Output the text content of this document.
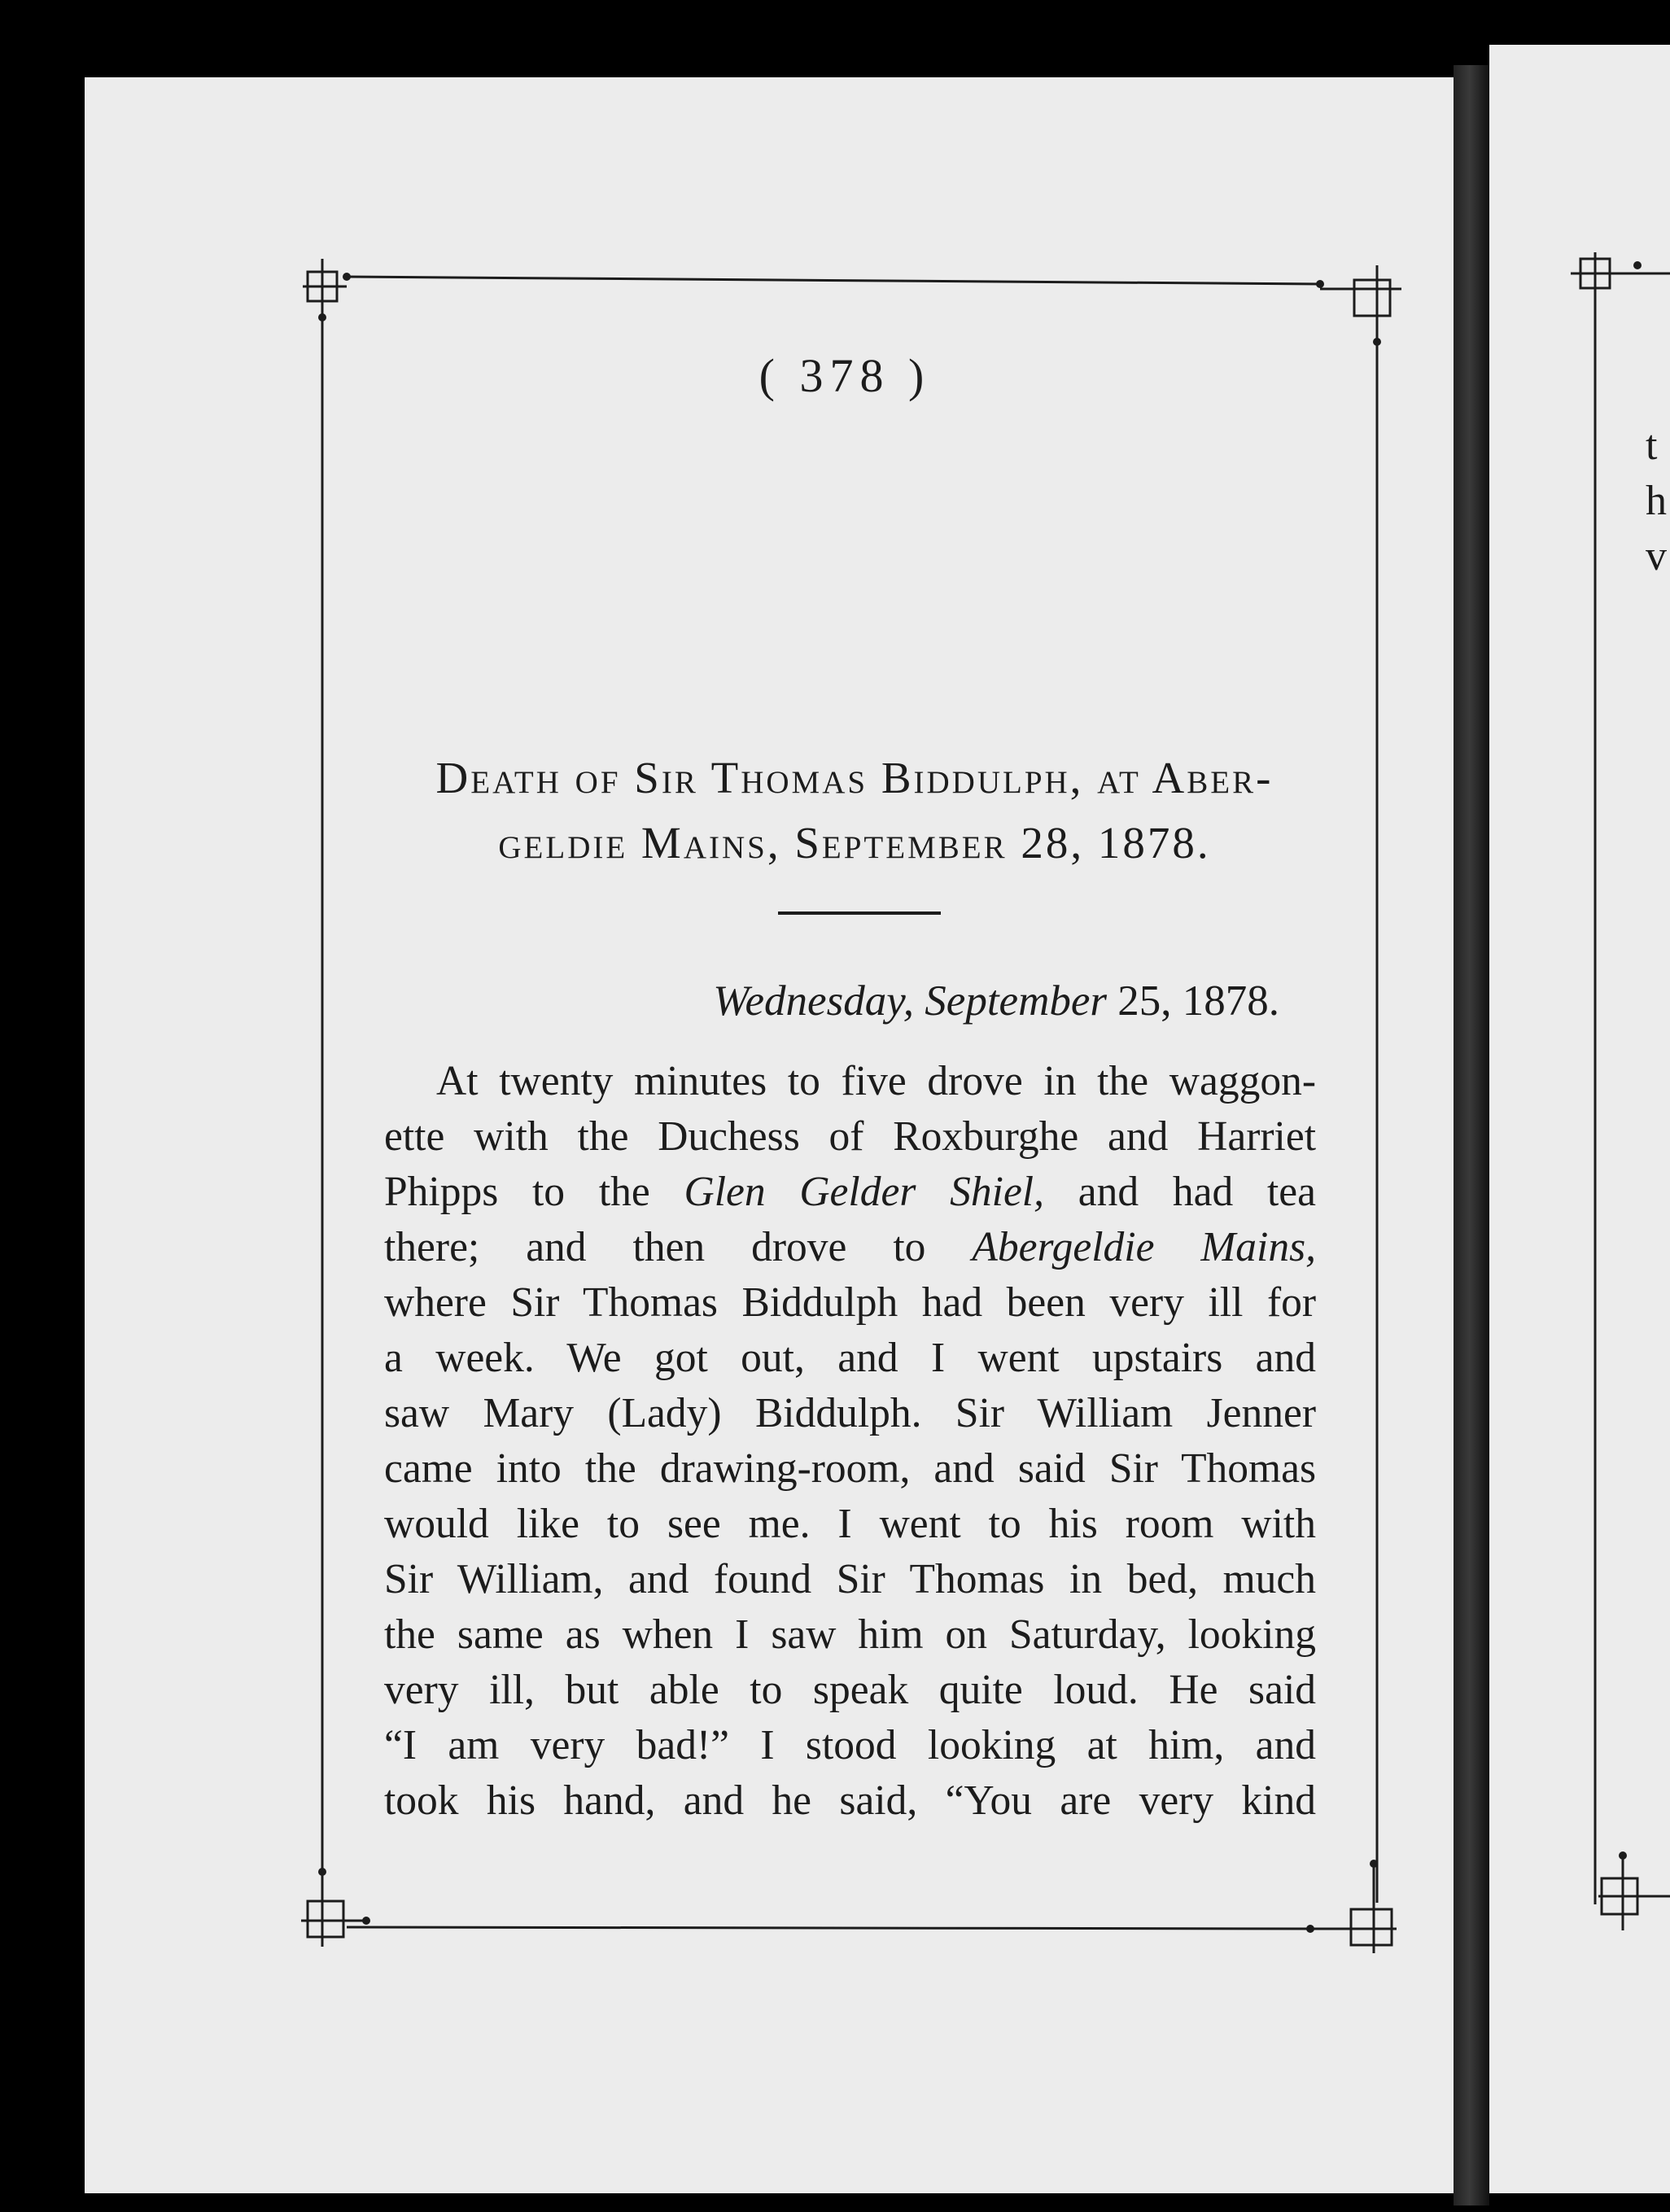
( 378 )
Death of Sir Thomas Biddulph, at Aber-
geldie Mains, September 28, 1878.
Wednesday, September 25, 1878.
At twenty minutes to five drove in the waggon-
ette with the Duchess of Roxburghe and Harriet
Phipps to the Glen Gelder Shiel, and had tea
there; and then drove to Abergeldie Mains,
where Sir Thomas Biddulph had been very ill for
a week. We got out, and I went upstairs and
saw Mary (Lady) Biddulph. Sir William Jenner
came into the drawing-room, and said Sir Thomas
would like to see me. I went to his room with
Sir William, and found Sir Thomas in bed, much
the same as when I saw him on Saturday, looking
very ill, but able to speak quite loud. He said
“I am very bad!” I stood looking at him, and
took his hand, and he said, “You are very kind
t
h
v
